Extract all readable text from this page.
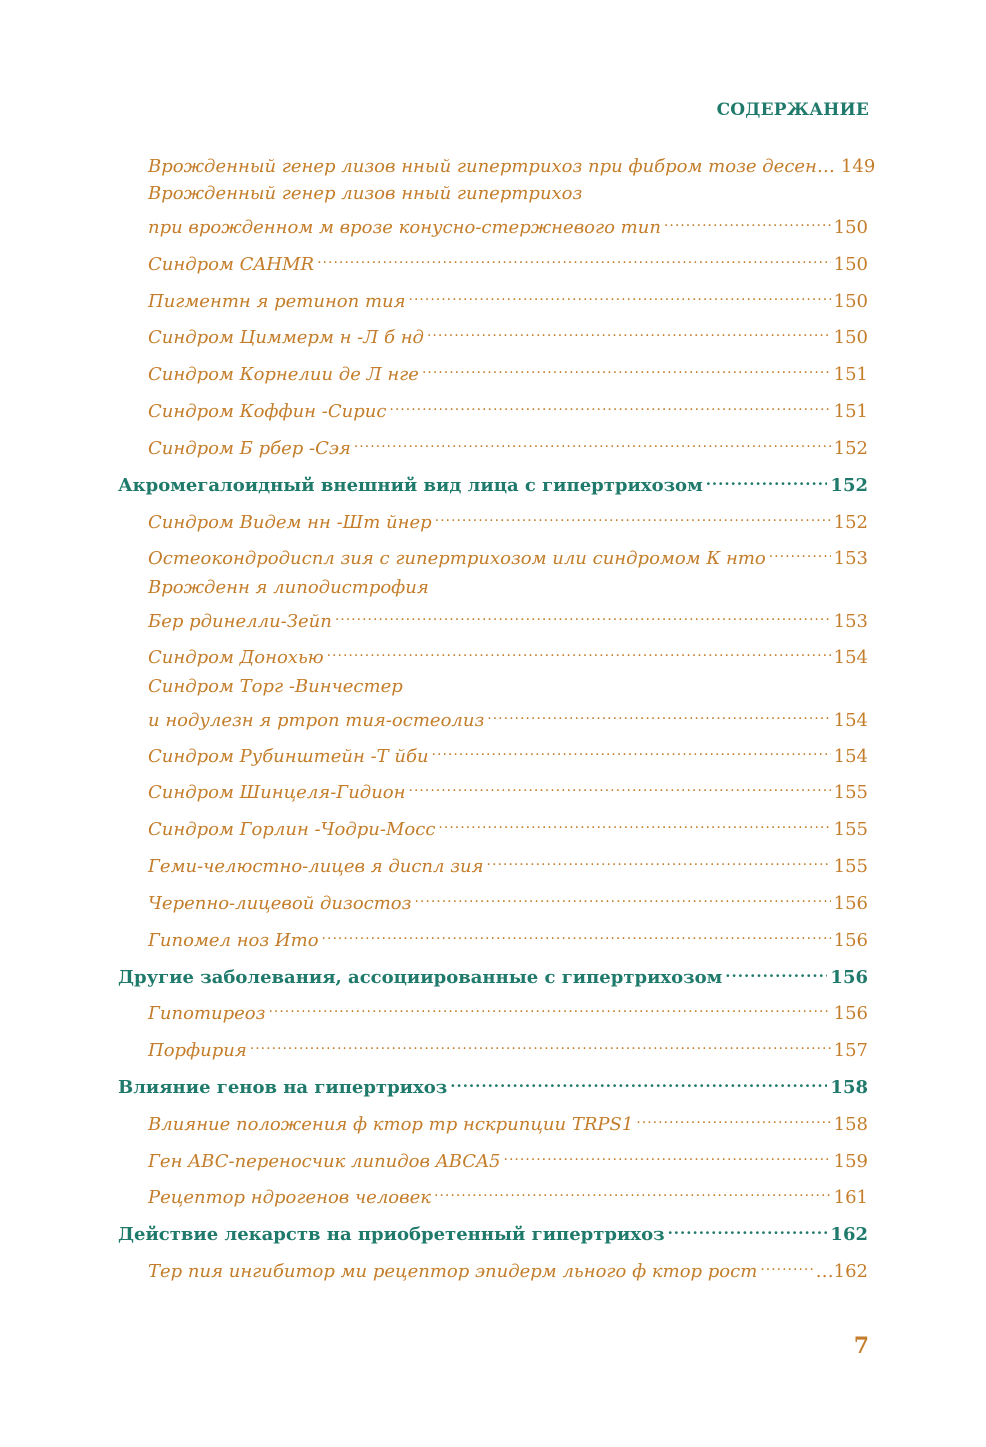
СОДЕРЖАНИЕ
Врожденный генер лизов нный гипертрихоз при фибром тозе десен… 149
Врожденный генер лизов нный гипертрихоз
при врожденном м врозе конусно-стержневого тип .....	150
Синдром CAHMR .....	150
Пигментн я ретиноп тия .....	150
Синдром Циммерм н -Л б нд .....	150
Синдром Корнелии де Л нге .....	151
Синдром Коффин -Сирис .....	151
Синдром Б рбер -Сэя .....	152
Акромегалоидный внешний вид лица с гипертрихозом .....	152
Синдром Видем нн -Шт йнер .....	152
Остеокондродиспл зия с гипертрихозом или синдромом К нто .....	153
Врожденн я липодистрофия
Бер рдинелли-Зейп .....	153
Синдром Донохью .....	154
Синдром Торг -Винчестер
и нодулезн я ртроп тия-остеолиз .....	154
Синдром Рубинштейн -Т йби .....	154
Синдром Шинцеля-Гидион .....	155
Синдром Горлин -Чодри-Мосс .....	155
Геми-челюстно-лицев я диспл зия .....	155
Черепно-лицевой дизостоз .....	156
Гипомел ноз Ито .....	156
Другие заболевания, ассоциированные с гипертрихозом .....	156
Гипотиреоз .....	156
Порфирия .....	157
Влияние генов на гипертрихоз .....	158
Влияние положения ф ктор тр нскрипции TRPS1 .....	158
Ген ABC-переносчик липидов ABCA5 .....	159
Рецептор ндрогенов человек .....	161
Действие лекарств на приобретенный гипертрихоз .....	162
Тер пия ингибитор ми рецептор эпидерм льного ф ктор рост .....	…162
7
